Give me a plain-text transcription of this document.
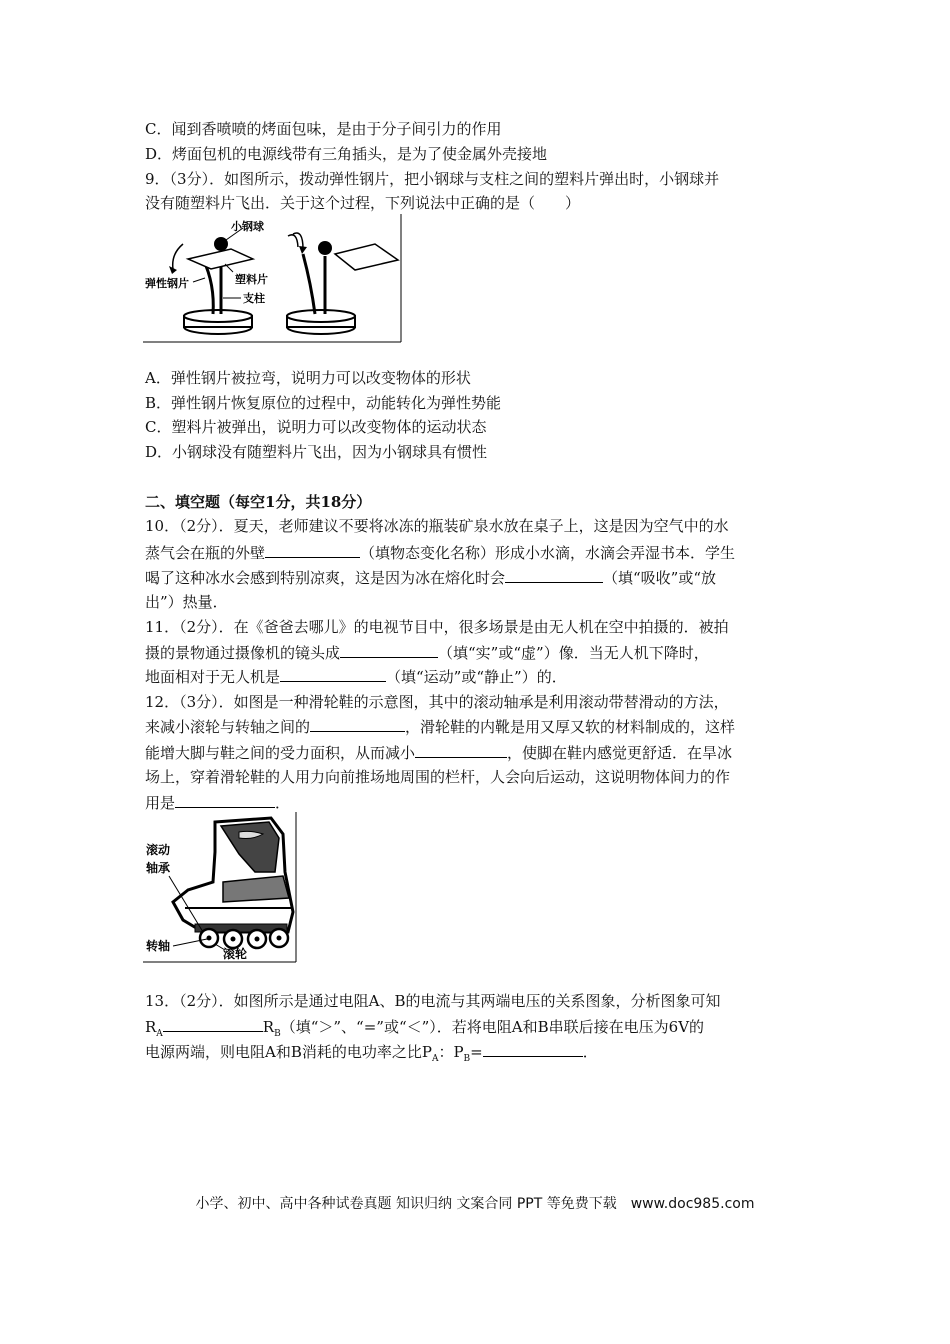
C．闻到香喷喷的烤面包味，是由于分子间引力的作用
D．烤面包机的电源线带有三角插头，是为了使金属外壳接地
9．（3分）．如图所示，拨动弹性钢片，把小钢球与支柱之间的塑料片弹出时，小钢球并
没有随塑料片飞出．关于这个过程，下列说法中正确的是（　　）
小钢球
弹性钢片	塑料片
支柱
A．弹性钢片被拉弯，说明力可以改变物体的形状
B．弹性钢片恢复原位的过程中，动能转化为弹性势能
C．塑料片被弹出，说明力可以改变物体的运动状态
D．小钢球没有随塑料片飞出，因为小钢球具有惯性
二、填空题（每空1分，共18分）
10．（2分）．夏天，老师建议不要将冰冻的瓶装矿泉水放在桌子上，这是因为空气中的水
蒸气会在瓶的外壁	（填物态变化名称）形成小水滴，水滴会弄湿书本．学生
喝了这种冰水会感到特别凉爽，这是因为冰在熔化时会	（填“吸收”或“放
出”）热量．
11．（2分）．在《爸爸去哪儿》的电视节目中，很多场景是由无人机在空中拍摄的．被拍
摄的景物通过摄像机的镜头成	（填“实”或“虚”）像．当无人机下降时，
地面相对于无人机是	（填“运动”或“静止”）的．
12．（3分）．如图是一种滑轮鞋的示意图，其中的滚动轴承是利用滚动带替滑动的方法，
来减小滚轮与转轴之间的	，滑轮鞋的内靴是用又厚又软的材料制成的，这样
能增大脚与鞋之间的受力面积，从而减小	，使脚在鞋内感觉更舒适．在旱冰
场上，穿着滑轮鞋的人用力向前推场地周围的栏杆，人会向后运动，这说明物体间力的作
用是	．
滚动
轴承
转轴
滚轮
13．（2分）．如图所示是通过电阻A、B的电流与其两端电压的关系图象，分析图象可知
$R_A$	$R_B$（填“＞”、“=”或“＜”）．若将电阻A和B串联后接在电压为6V的
电源两端，则电阻A和B消耗的电功率之比$P_A$：$P_B=$	．
小学、初中、高中各种试卷真题 知识归纳 文案合同 PPT 等免费下载　www.doc985.com
